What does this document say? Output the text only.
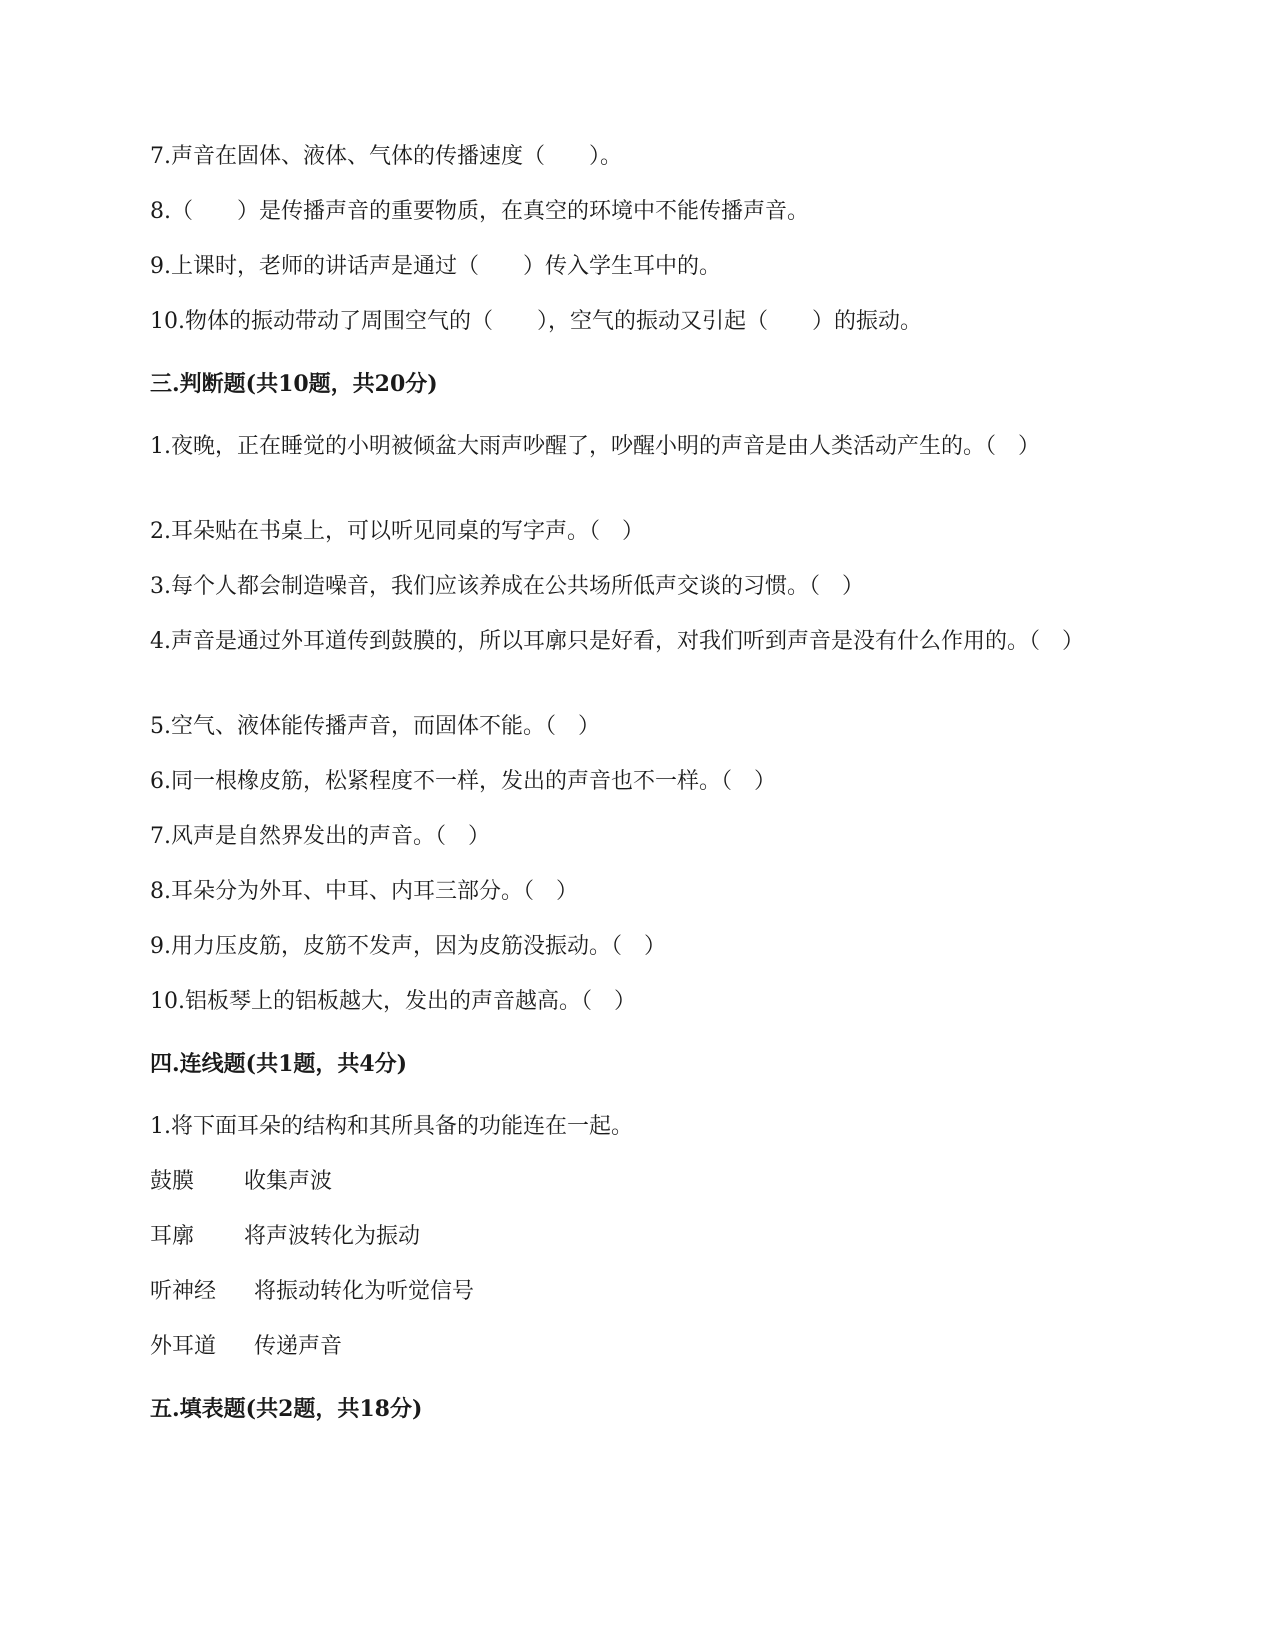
7.声音在固体、液体、气体的传播速度（　　）。
8.（　　）是传播声音的重要物质，在真空的环境中不能传播声音。
9.上课时，老师的讲话声是通过（　　）传入学生耳中的。
10.物体的振动带动了周围空气的（　　），空气的振动又引起（　　）的振动。
三.判断题(共10题，共20分)
1.夜晚，正在睡觉的小明被倾盆大雨声吵醒了，吵醒小明的声音是由人类活动产生的。（　）
2.耳朵贴在书桌上，可以听见同桌的写字声。（　）
3.每个人都会制造噪音，我们应该养成在公共场所低声交谈的习惯。（　）
4.声音是通过外耳道传到鼓膜的，所以耳廓只是好看，对我们听到声音是没有什么作用的。（　）
5.空气、液体能传播声音，而固体不能。（　）
6.同一根橡皮筋，松紧程度不一样，发出的声音也不一样。（　）
7.风声是自然界发出的声音。（　）
8.耳朵分为外耳、中耳、内耳三部分。（　）
9.用力压皮筋，皮筋不发声，因为皮筋没振动。（　）
10.铝板琴上的铝板越大，发出的声音越高。（　）
四.连线题(共1题，共4分)
1.将下面耳朵的结构和其所具备的功能连在一起。
鼓膜 收集声波
耳廓 将声波转化为振动
听神经 将振动转化为听觉信号
外耳道 传递声音
五.填表题(共2题，共18分)
